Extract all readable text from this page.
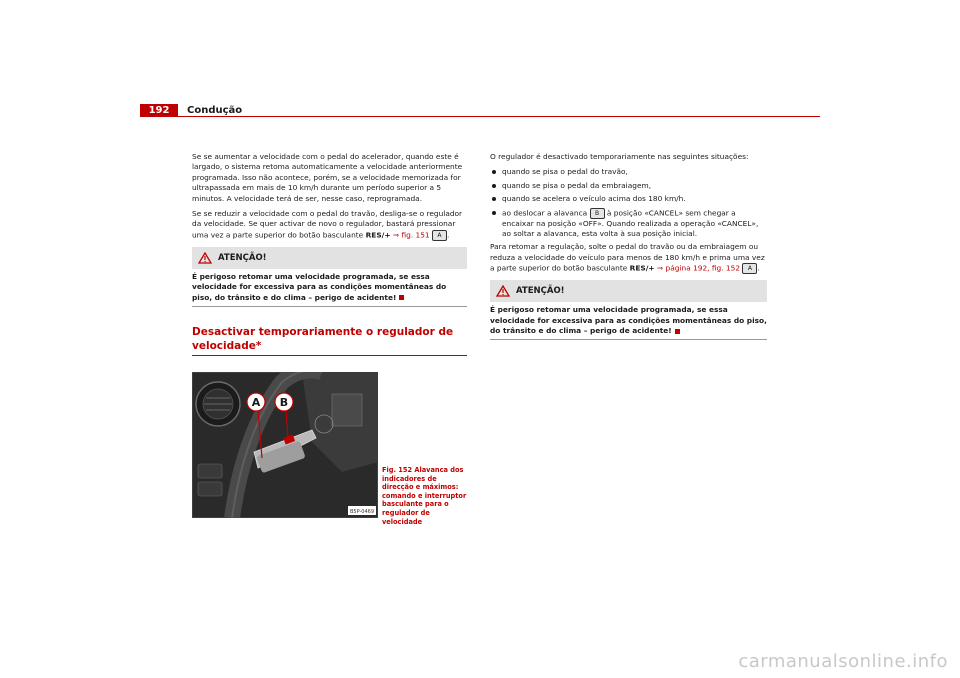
192	Condução

Se se aumentar a velocidade com o pedal do acelerador, quando este é largado, o sistema retoma automaticamente a velocidade anteriormente programada. Isso não acontece, porém, se a velocidade memorizada for ultrapassada em mais de 10 km/h durante um período superior a 5 minutos. A velocidade terá de ser, nesse caso, reprogramada.

Se se reduzir a velocidade com o pedal do travão, desliga-se o regulador da velocidade. Se quer activar de novo o regulador, bastará pressionar uma vez a parte superior do botão basculante RES/+ ⇒ fig. 151 A .

ATENÇÃO!
É perigoso retomar uma velocidade programada, se essa velocidade for excessiva para as condições momentâneas do piso, do trânsito e do clima – perigo de acidente!
Desactivar temporariamente o regulador de velocidade*
A B
B5P-0469
Fig. 152 Alavanca dos indicadores de direcção e máximos: comando e interruptor basculante para o regulador de velocidade

O regulador é desactivado temporariamente nas seguintes situações:

quando se pisa o pedal do travão,
quando se pisa o pedal da embraiagem,
quando se acelera o veículo acima dos 180 km/h.
ao deslocar a alavanca B à posição «CANCEL» sem chegar a encaixar na posição «OFF». Quando realizada a operação «CANCEL», ao soltar a alavanca, esta volta à sua posição inicial.

Para retomar a regulação, solte o pedal do travão ou da embraiagem ou reduza a velocidade do veículo para menos de 180 km/h e prima uma vez a parte superior do botão basculante RES/+ ⇒ página 192, fig. 152 A .

ATENÇÃO!
É perigoso retomar uma velocidade programada, se essa velocidade for excessiva para as condições momentâneas do piso, do trânsito e do clima – perigo de acidente!
carmanualsonline.info
